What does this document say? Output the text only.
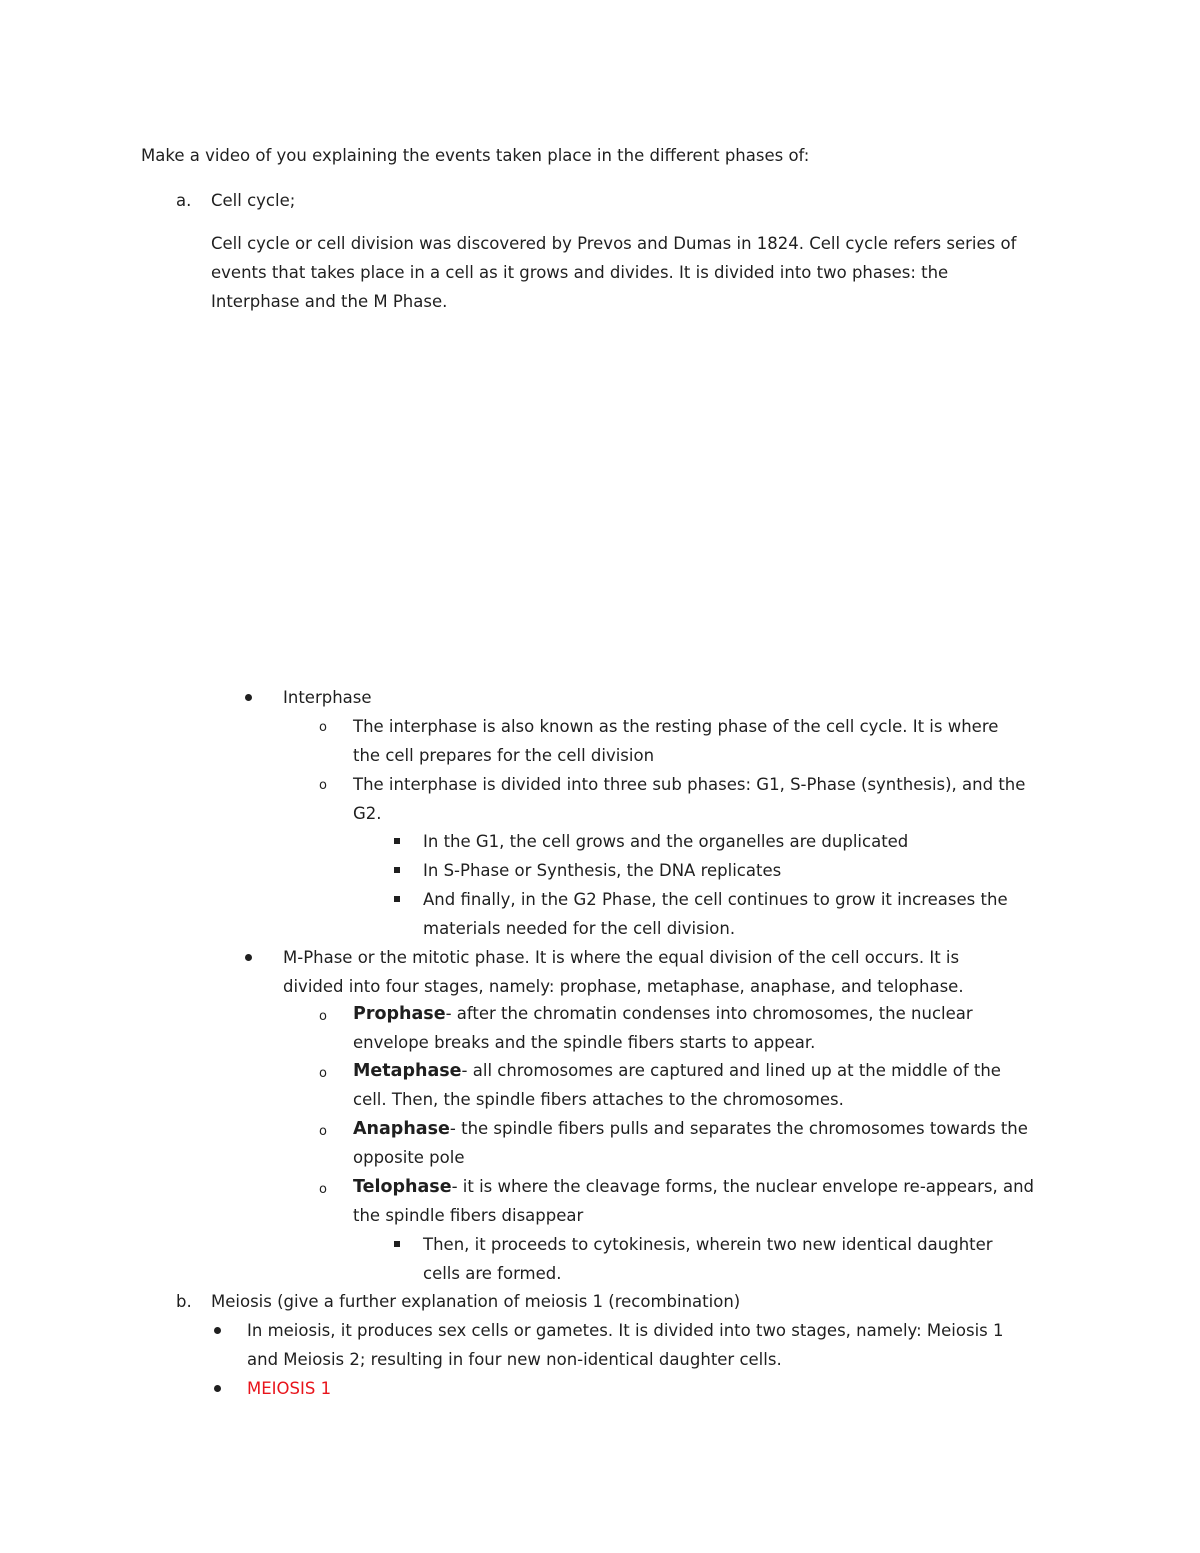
Make a video of you explaining the events taken place in the different phases of:
a. Cell cycle;
Cell cycle or cell division was discovered by Prevos and Dumas in 1824. Cell cycle refers series of
events that takes place in a cell as it grows and divides. It is divided into two phases: the
Interphase and the M Phase.
Interphase
o The interphase is also known as the resting phase of the cell cycle. It is where
the cell prepares for the cell division
o The interphase is divided into three sub phases: G1, S-Phase (synthesis), and the
G2.
In the G1, the cell grows and the organelles are duplicated
In S-Phase or Synthesis, the DNA replicates
And finally, in the G2 Phase, the cell continues to grow it increases the
materials needed for the cell division.
M-Phase or the mitotic phase. It is where the equal division of the cell occurs. It is
divided into four stages, namely: prophase, metaphase, anaphase, and telophase.
o Prophase- after the chromatin condenses into chromosomes, the nuclear
envelope breaks and the spindle fibers starts to appear.
o Metaphase- all chromosomes are captured and lined up at the middle of the
cell. Then, the spindle fibers attaches to the chromosomes.
o Anaphase- the spindle fibers pulls and separates the chromosomes towards the
opposite pole
o Telophase- it is where the cleavage forms, the nuclear envelope re-appears, and
the spindle fibers disappear
Then, it proceeds to cytokinesis, wherein two new identical daughter
cells are formed.
b. Meiosis (give a further explanation of meiosis 1 (recombination)
In meiosis, it produces sex cells or gametes. It is divided into two stages, namely: Meiosis 1
and Meiosis 2; resulting in four new non-identical daughter cells.
MEIOSIS 1
